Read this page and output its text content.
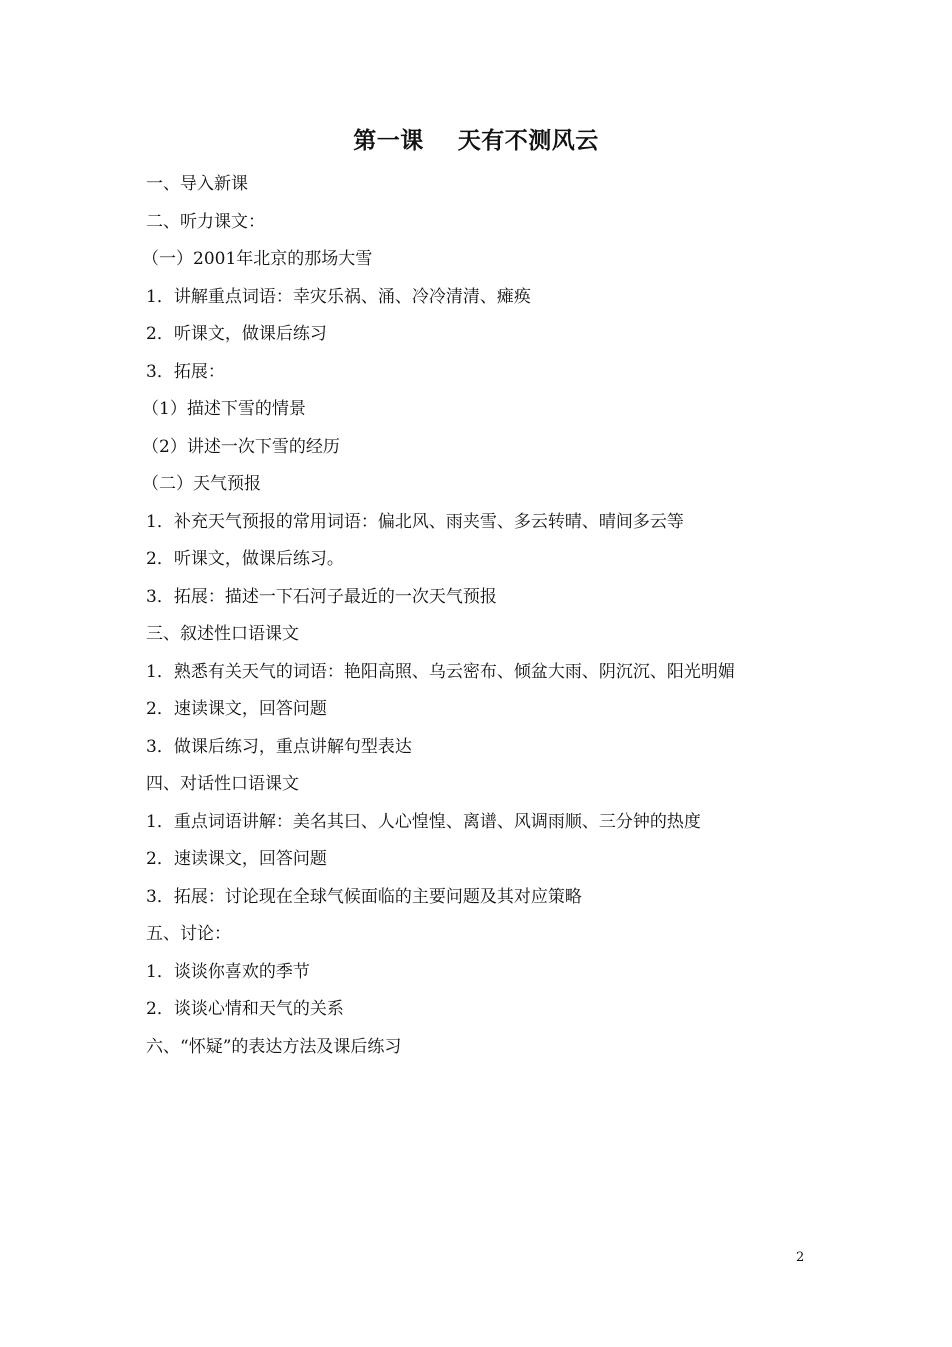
第一课    天有不测风云
一、导入新课
二、听力课文：
（一）2001年北京的那场大雪
1．讲解重点词语：幸灾乐祸、涌、冷冷清清、瘫痪
2．听课文，做课后练习
3．拓展：
（1）描述下雪的情景
（2）讲述一次下雪的经历
（二）天气预报
1．补充天气预报的常用词语：偏北风、雨夹雪、多云转晴、晴间多云等
2．听课文，做课后练习。
3．拓展：描述一下石河子最近的一次天气预报
三、叙述性口语课文
1．熟悉有关天气的词语：艳阳高照、乌云密布、倾盆大雨、阴沉沉、阳光明媚
2．速读课文，回答问题
3．做课后练习，重点讲解句型表达
四、对话性口语课文
1．重点词语讲解：美名其曰、人心惶惶、离谱、风调雨顺、三分钟的热度
2．速读课文，回答问题
3．拓展：讨论现在全球气候面临的主要问题及其对应策略
五、讨论：
1．谈谈你喜欢的季节
2．谈谈心情和天气的关系
六、“怀疑”的表达方法及课后练习
2
